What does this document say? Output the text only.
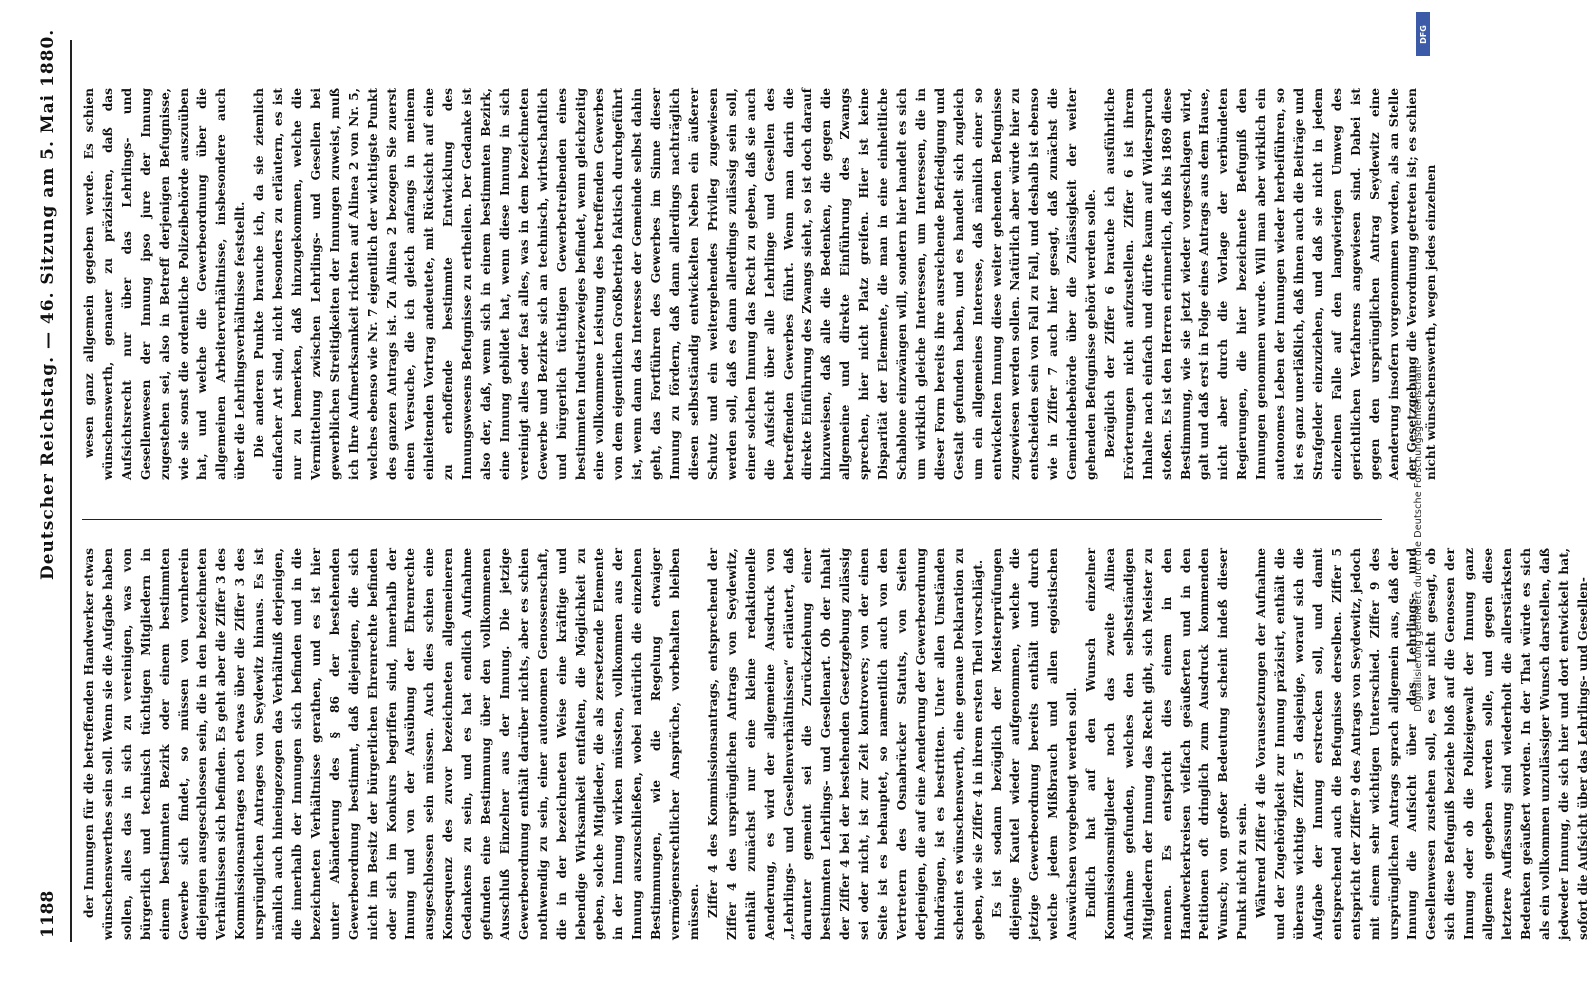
1188
Deutscher Reichstag. — 46. Sitzung am 5. Mai 1880.

der Innungen für die betreffenden Handwerker etwas wünschenswerthes sein soll. Wenn sie die Aufgabe haben sollen, alles das in sich zu vereinigen, was von bürgerlich und technisch tüchtigen Mitgliedern in einem bestimmten Bezirk oder einem bestimmten Gewerbe sich findet, so müssen von vornherein diejenigen ausgeschlossen sein, die in den bezeichneten Verhältnissen sich befinden. Es geht aber die Ziffer 3 des Kommissionsantrages noch etwas über die Ziffer 3 des ursprünglichen Antrages von Seydewitz hinaus. Es ist nämlich auch hineingezogen das Verhältniß derjenigen, die innerhalb der Innungen sich befinden und in die bezeichneten Verhältnisse gerathen, und es ist hier unter Abänderung des § 86 der bestehenden Gewerbeordnung bestimmt, daß diejenigen, die sich nicht im Besitz der bürgerlichen Ehrenrechte befinden oder sich im Konkurs begriffen sind, innerhalb der Innung und von der Ausübung der Ehrenrechte ausgeschlossen sein müssen. Auch dies schien eine Konsequenz des zuvor bezeichneten allgemeineren Gedankens zu sein, und es hat endlich Aufnahme gefunden eine Bestimmung über den vollkommenen Ausschluß Einzelner aus der Innung. Die jetzige Gewerbeordnung enthält darüber nichts, aber es schien nothwendig zu sein, einer autonomen Genossenschaft, die in der bezeichneten Weise eine kräftige und lebendige Wirksamkeit entfalten, die Möglichkeit zu geben, solche Mitglieder, die als zersetzende Elemente in der Innung wirken müssten, vollkommen aus der Innung auszuschließen, wobei natürlich die einzelnen Bestimmungen, wie die Regelung etwaiger vermögensrechtlicher Ansprüche, vorbehalten bleiben müssen. Ziffer 4 des Kommissionsantrags, entsprechend der Ziffer 4 des ursprünglichen Antrags von Seydewitz, enthält zunächst nur eine kleine redaktionelle Aenderung, es wird der allgemeine Ausdruck von „Lehrlings- und Gesellenverhältnissen“ erläutert, daß darunter gemeint sei die Zurückziehung einer bestimmten Lehrlings- und Gesellenart. Ob der Inhalt der Ziffer 4 bei der bestehenden Gesetzgebung zulässig sei oder nicht, ist zur Zeit kontrovers; von der einen Seite ist es behauptet, so namentlich auch von den Vertretern des Osnabrücker Statuts, von Seiten derjenigen, die auf eine Aenderung der Gewerbeordnung hindrängen, ist es bestritten. Unter allen Umständen scheint es wünschenswerth, eine genaue Deklaration zu geben, wie sie Ziffer 4 in ihrem ersten Theil vorschlägt. Es ist sodann bezüglich der Meisterprüfungen diejenige Kautel wieder aufgenommen, welche die jetzige Gewerbeordnung bereits enthält und durch welche jedem Mißbrauch und allen egoistischen Auswüchsen vorgebeugt werden soll. Endlich hat auf den Wunsch einzelner Kommissionsmitglieder noch das zweite Alinea Aufnahme gefunden, welches den selbstständigen Mitgliedern der Innung das Recht gibt, sich Meister zu nennen. Es entspricht dies einem in den Handwerkerkreisen vielfach geäußerten und in den Petitionen oft dringlich zum Ausdruck kommenden Wunsch; von großer Bedeutung scheint indeß dieser Punkt nicht zu sein. Während Ziffer 4 die Voraussetzungen der Aufnahme und der Zugehörigkeit zur Innung präzisirt, enthält die überaus wichtige Ziffer 5 dasjenige, worauf sich die Aufgabe der Innung erstrecken soll, und damit entsprechend auch die Befugnisse derselben. Ziffer 5 entspricht der Ziffer 9 des Antrags von Seydewitz, jedoch mit einem sehr wichtigen Unterschied. Ziffer 9 des ursprünglichen Antrags sprach allgemein aus, daß der Innung die Aufsicht über das Lehrlings- und Gesellenwesen zustehen soll, es war nicht gesagt, ob sich diese Befugniß beziehe bloß auf die Genossen der Innung oder ob die Polizeigewalt der Innung ganz allgemein gegeben werden solle, und gegen diese letztere Auffassung sind wiederholt die allerstärksten Bedenken geäußert worden. In der That würde es sich als ein vollkommen unzulässiger Wunsch darstellen, daß jedweder Innung, die sich hier und dort entwickelt hat, sofort die Aufsicht über das Lehrlings- und Gesellen-

wesen ganz allgemein gegeben werde. Es schien wünschenswerth, genauer zu präzisiren, daß das Aufsichtsrecht nur über das Lehrlings- und Gesellenwesen der Innung ipso jure der Innung zugestehen sei, also in Betreff derjenigen Befugnisse, wie sie sonst die ordentliche Polizeibehörde auszuüben hat, und welche die Gewerbeordnung über die allgemeinen Arbeiterverhältnisse, insbesondere auch über die Lehrlingsverhältnisse feststellt. Die anderen Punkte brauche ich, da sie ziemlich einfacher Art sind, nicht besonders zu erläutern, es ist nur zu bemerken, daß hinzugekommen, welche die Vermittelung zwischen Lehrlings- und Gesellen bei gewerblichen Streitigkeiten der Innungen zuweist, muß ich Ihre Aufmerksamkeit richten auf Alinea 2 von Nr. 5, welches ebenso wie Nr. 7 eigentlich der wichtigste Punkt des ganzen Antrags ist. Zu Alinea 2 bezogen Sie zuerst einen Versuche, die ich gleich anfangs in meinem einleitenden Vortrag andeutete, mit Rücksicht auf eine zu erhoffende bestimmte Entwicklung des Innungswesens Befugnisse zu ertheilen. Der Gedanke ist also der, daß, wenn sich in einem bestimmten Bezirk, eine Innung gebildet hat, wenn diese Innung in sich vereinigt alles oder fast alles, was in dem bezeichneten Gewerbe und Bezirke sich an technisch, wirthschaftlich und bürgerlich tüchtigen Gewerbetreibenden eines bestimmten Industriezweiges befindet, wenn gleichzeitig eine vollkommene Leistung des betreffenden Gewerbes von dem eigentlichen Großbetrieb faktisch durchgeführt ist, wenn dann das Interesse der Gemeinde selbst dahin geht, das Fortführen des Gewerbes im Sinne dieser Innung zu fördern, daß dann allerdings nachträglich diesen selbstständig entwickelten Neben ein äußerer Schutz und ein weitergehendes Privileg zugewiesen werden soll, daß es dann allerdings zulässig sein soll, einer solchen Innung das Recht zu geben, daß sie auch die Aufsicht über alle Lehrlinge und Gesellen des betreffenden Gewerbes führt. Wenn man darin die direkte Einführung des Zwangs sieht, so ist doch darauf hinzuweisen, daß alle die Bedenken, die gegen die allgemeine und direkte Einführung des Zwangs sprechen, hier nicht Platz greifen. Hier ist keine Disparität der Elemente, die man in eine einheitliche Schablone einzwängen will, sondern hier handelt es sich um wirklich gleiche Interessen, um Interessen, die in dieser Form bereits ihre ausreichende Befriedigung und Gestalt gefunden haben, und es handelt sich zugleich um ein allgemeines Interesse, daß nämlich einer so entwickelten Innung diese weiter gehenden Befugnisse zugewiesen werden sollen. Natürlich aber würde hier zu entscheiden sein von Fall zu Fall, und deshalb ist ebenso wie in Ziffer 7 auch hier gesagt, daß zunächst die Gemeindebehörde über die Zulässigkeit der weiter gehenden Befugnisse gehört werden solle. Bezüglich der Ziffer 6 brauche ich ausführliche Erörterungen nicht aufzustellen. Ziffer 6 ist ihrem Inhalte nach einfach und dürfte kaum auf Widerspruch stoßen. Es ist den Herren erinnerlich, daß bis 1869 diese Bestimmung, wie sie jetzt wieder vorgeschlagen wird, galt und daß erst in Folge eines Antrags aus dem Hause, nicht aber durch die Vorlage der verbündeten Regierungen, die hier bezeichnete Befugniß den Innungen genommen wurde. Will man aber wirklich ein autonomes Leben der Innungen wieder herbeiführen, so ist es ganz unerläßlich, daß ihnen auch die Beiträge und Strafgelder einzuziehen, und daß sie nicht in jedem einzelnen Falle auf den langwierigen Umweg des gerichtlichen Verfahrens angewiesen sind. Dabei ist gegen den ursprünglichen Antrag Seydewitz eine Aenderung insofern vorgenommen worden, als an Stelle der Gesetzgebung die Verordnung getreten ist; es schien nicht wünschenswerth, wegen jedes einzelnen

DFG
Digitalisierung gefördert durch die Deutsche Forschungsgemeinschaft
